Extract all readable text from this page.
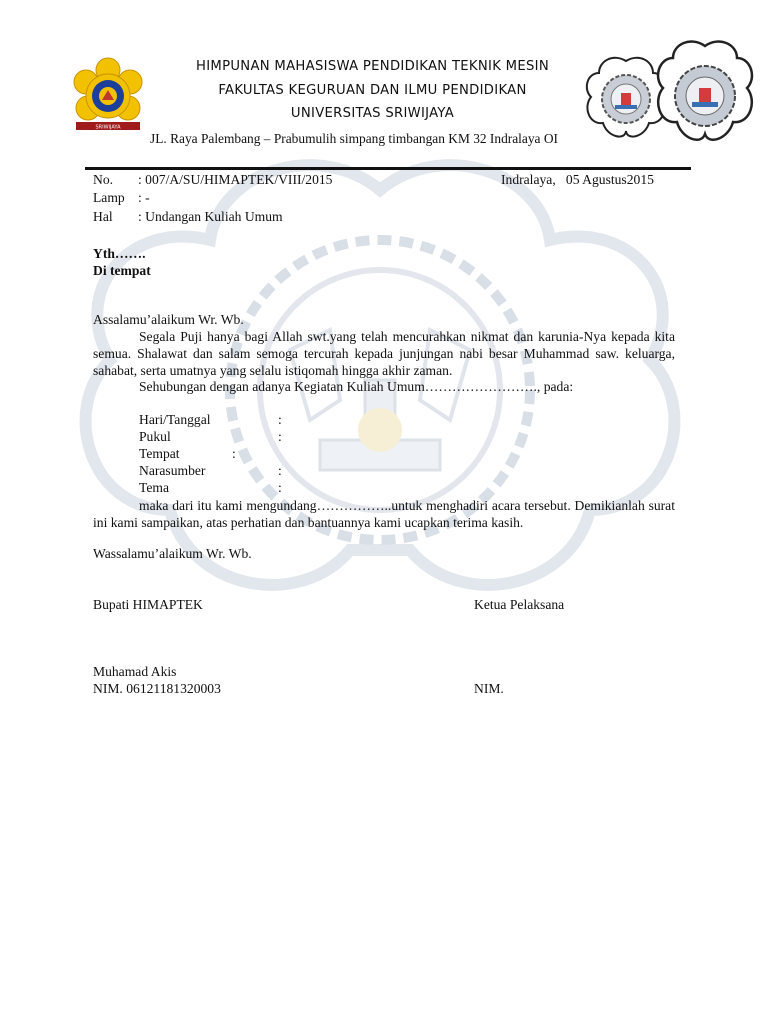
SRIWIJAYA
HIMPUNAN MAHASISWA PENDIDIKAN TEKNIK MESIN
FAKULTAS KEGURUAN DAN ILMU PENDIDIKAN
UNIVERSITAS SRIWIJAYA
JL. Raya Palembang – Prabumulih simpang timbangan KM 32 Indralaya OI
No. : 007/A/SU/HIMAPTEK/VIII/2015	Indralaya,   05 Agustus2015
Lamp : -
Hal : Undangan Kuliah Umum
Yth…….
Di tempat
Assalamu’alaikum Wr. Wb.
Segala Puji hanya bagi Allah swt.yang telah mencurahkan nikmat dan karunia-Nya kepada kita semua. Shalawat dan salam semoga tercurah kepada junjungan nabi besar Muhammad saw. keluarga, sahabat, serta umatnya yang selalu istiqomah hingga akhir zaman.
Sehubungan dengan adanya Kegiatan Kuliah Umum……………………., pada:
Hari/Tanggal	:
Pukul	:
Tempat	:
Narasumber	:
Tema	:
maka dari itu kami mengundang……………..untuk menghadiri acara tersebut. Demikianlah surat ini kami sampaikan, atas perhatian dan bantuannya kami ucapkan terima kasih.
Wassalamu’alaikum Wr. Wb.
Bupati HIMAPTEK	Ketua Pelaksana
Muhamad Akis
NIM. 06121181320003	NIM.
